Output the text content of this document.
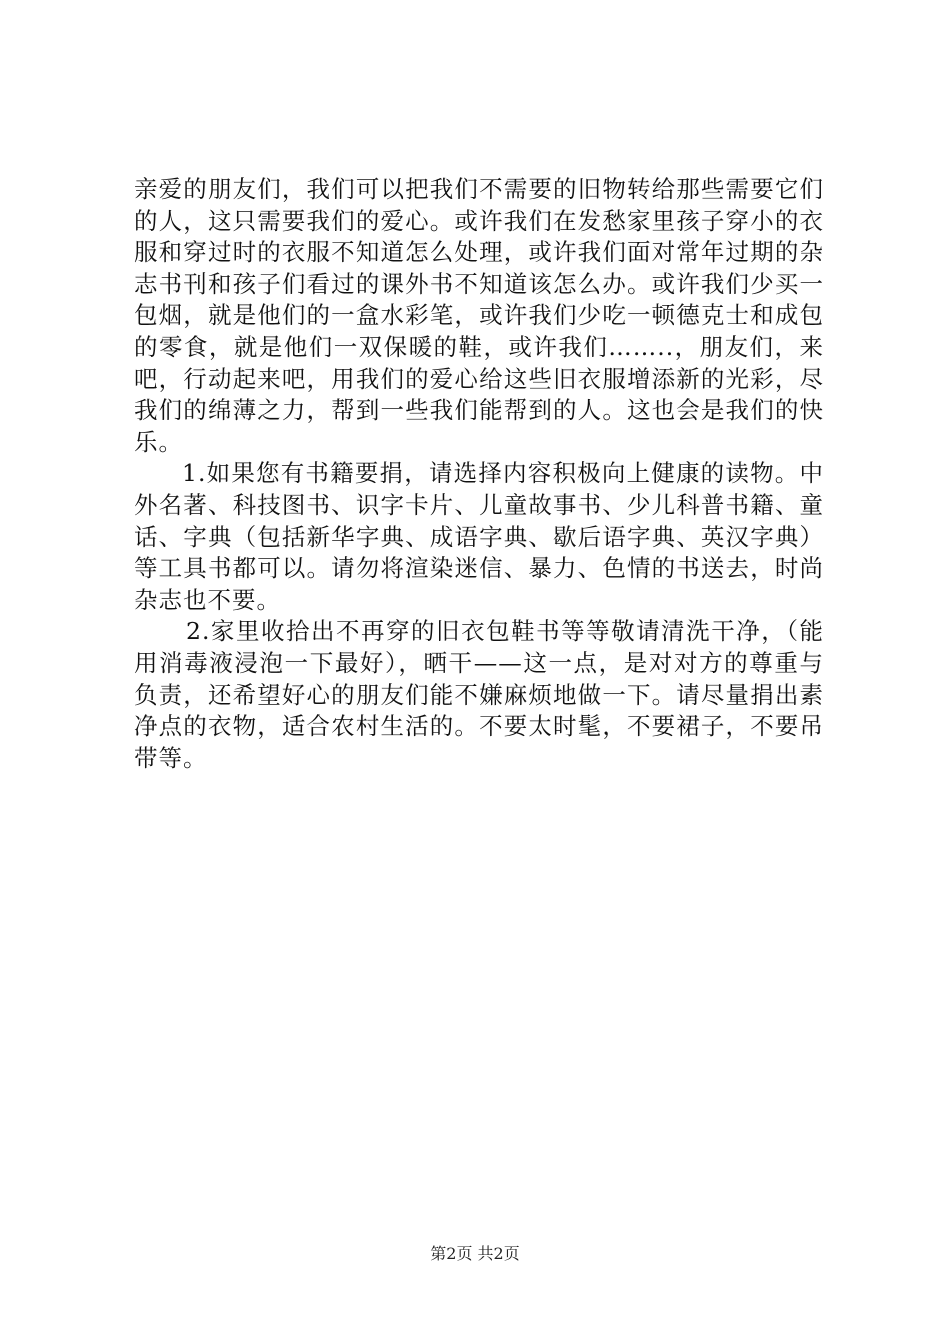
亲爱的朋友们，我们可以把我们不需要的旧物转给那些需要它们的人，这只需要我们的爱心。或许我们在发愁家里孩子穿小的衣服和穿过时的衣服不知道怎么处理，或许我们面对常年过期的杂志书刊和孩子们看过的课外书不知道该怎么办。或许我们少买一包烟，就是他们的一盒水彩笔，或许我们少吃一顿德克士和成包的零食，就是他们一双保暖的鞋，或许我们……..，朋友们，来吧，行动起来吧，用我们的爱心给这些旧衣服增添新的光彩，尽我们的绵薄之力，帮到一些我们能帮到的人。这也会是我们的快乐。

1.如果您有书籍要捐，请选择内容积极向上健康的读物。中外名著、科技图书、识字卡片、儿童故事书、少儿科普书籍、童话、字典（包括新华字典、成语字典、歇后语字典、英汉字典）等工具书都可以。请勿将渲染迷信、暴力、色情的书送去，时尚杂志也不要。

2.家里收拾出不再穿的旧衣包鞋书等等敬请清洗干净，（能用消毒液浸泡一下最好），晒干——这一点，是对对方的尊重与负责，还希望好心的朋友们能不嫌麻烦地做一下。请尽量捐出素净点的衣物，适合农村生活的。不要太时髦，不要裙子，不要吊带等。

第2页 共2页
